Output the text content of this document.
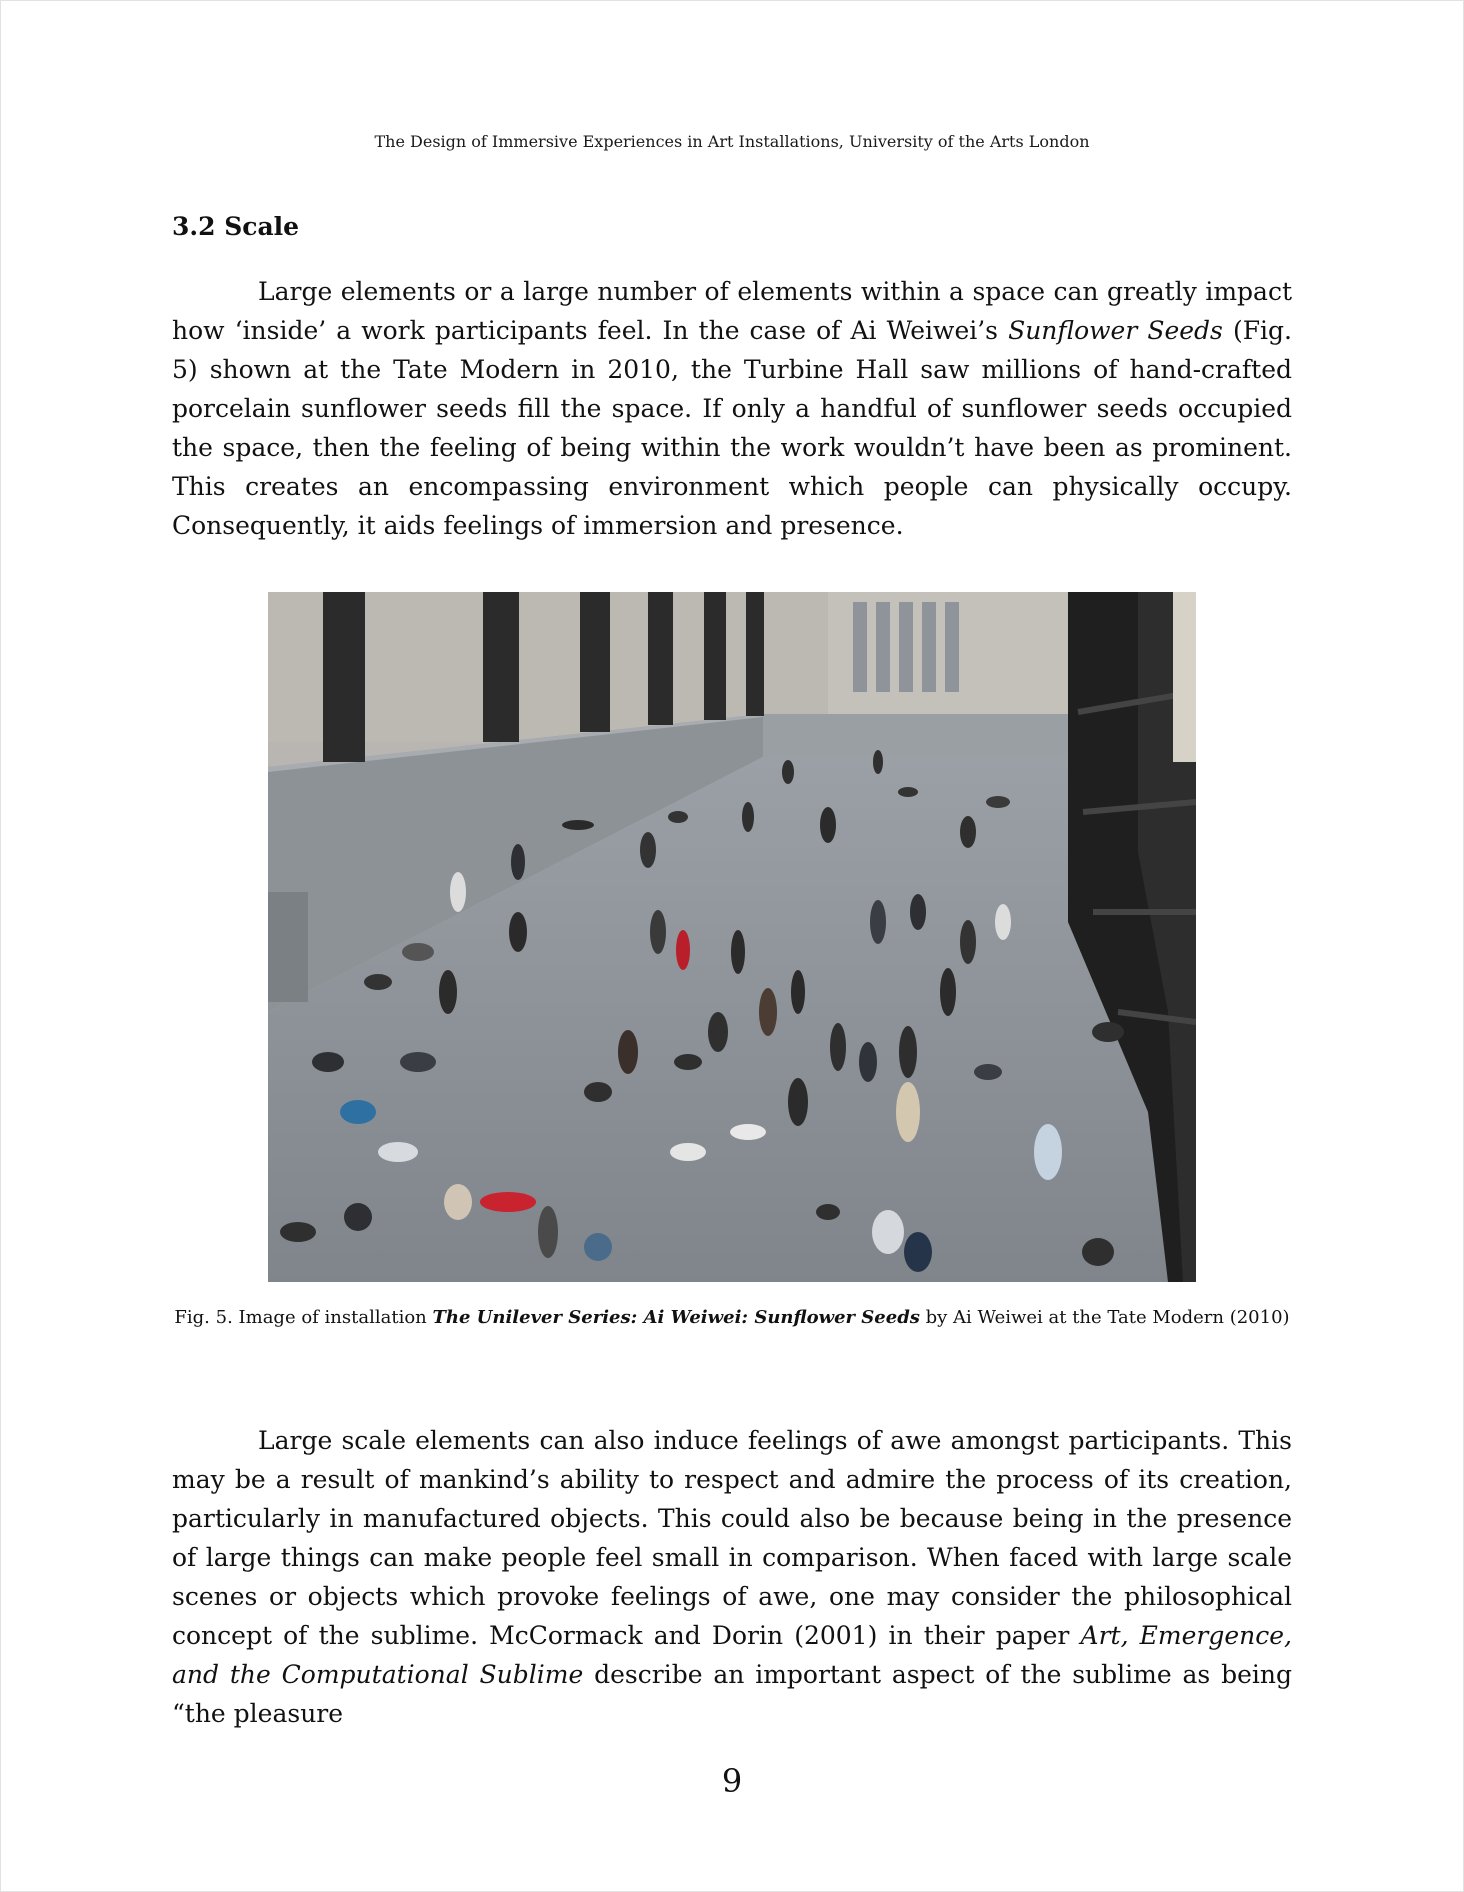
The Design of Immersive Experiences in Art Installations, University of the Arts London
3.2 Scale

Large elements or a large number of elements within a space can greatly impact how ‘inside’ a work participants feel. In the case of Ai Weiwei’s Sunflower Seeds (Fig. 5) shown at the Tate Modern in 2010, the Turbine Hall saw millions of hand-crafted porcelain sunflower seeds fill the space. If only a handful of sunflower seeds occupied the space, then the feeling of being within the work wouldn’t have been as prominent. This creates an encompassing environment which people can physically occupy. Consequently, it aids feelings of immersion and presence.

Fig. 5. Image of installation The Unilever Series: Ai Weiwei: Sunflower Seeds by Ai Weiwei at the Tate Modern (2010)

Large scale elements can also induce feelings of awe amongst participants. This may be a result of mankind’s ability to respect and admire the process of its creation, particularly in manufactured objects. This could also be because being in the presence of large things can make people feel small in comparison. When faced with large scale scenes or objects which provoke feelings of awe, one may consider the philosophical concept of the sublime. McCormack and Dorin (2001) in their paper Art, Emergence, and the Computational Sublime describe an important aspect of the sublime as being “the pleasure

9
